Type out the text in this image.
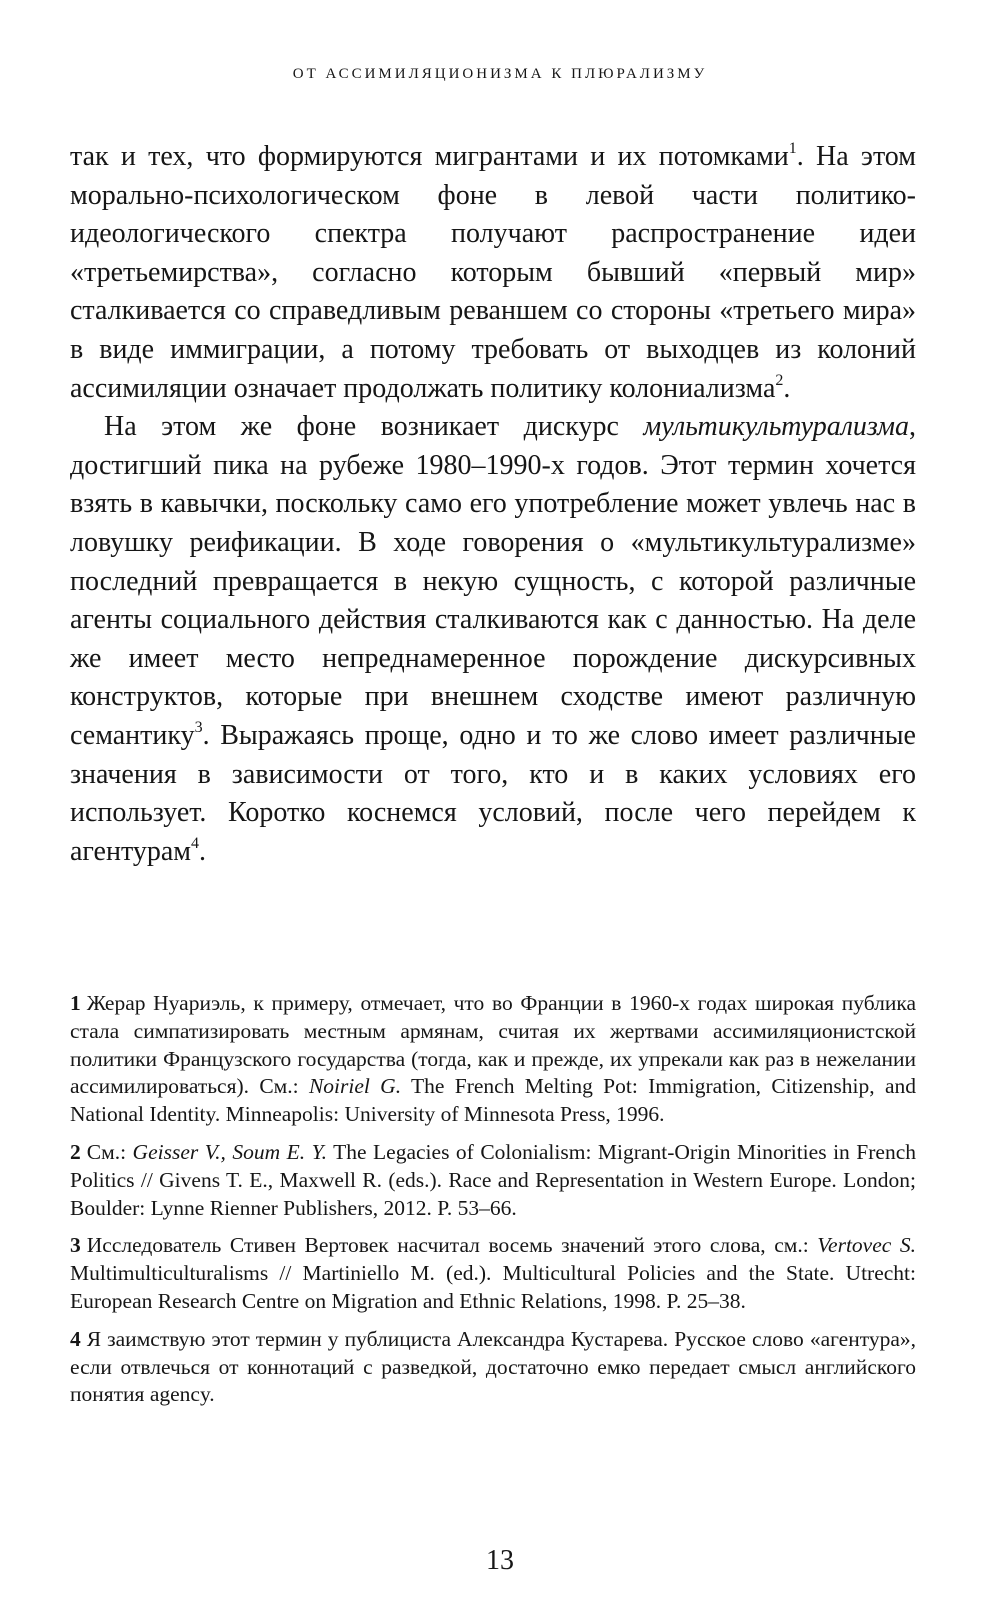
ОТ АССИМИЛЯЦИОНИЗМА К ПЛЮРАЛИЗМУ

так и тех, что формируются мигрантами и их потомками$^1$. На этом морально-психологическом фоне в левой части политико-идеологического спектра получают распространение идеи «третьемирства», согласно которым бывший «первый мир» сталкивается со справедливым реваншем со стороны «третьего мира» в виде иммиграции, а потому требовать от выходцев из колоний ассимиляции означает продолжать политику колониализма$^2$.

На этом же фоне возникает дискурс мультикультурализма, достигший пика на рубеже 1980–1990-х годов. Этот термин хочется взять в кавычки, поскольку само его употребление может увлечь нас в ловушку реификации. В ходе говорения о «мультикультурализме» последний превращается в некую сущность, с которой различные агенты социального действия сталкиваются как с данностью. На деле же имеет место непреднамеренное порождение дискурсивных конструктов, которые при внешнем сходстве имеют различную семантику$^3$. Выражаясь проще, одно и то же слово имеет различные значения в зависимости от того, кто и в каких условиях его использует. Коротко коснемся условий, после чего перейдем к агентурам$^4$.

1 Жерар Нуариэль, к примеру, отмечает, что во Франции в 1960-х годах широкая публика стала симпатизировать местным армянам, считая их жертвами ассимиляционистской политики Французского государства (тогда, как и прежде, их упрекали как раз в нежелании ассимилироваться). См.: Noiriel G. The French Melting Pot: Immigration, Citizenship, and National Identity. Minneapolis: University of Minnesota Press, 1996.

2 См.: Geisser V., Soum E. Y. The Legacies of Colonialism: Migrant-Origin Minorities in French Politics // Givens T. E., Maxwell R. (eds.). Race and Representation in Western Europe. London; Boulder: Lynne Rienner Publishers, 2012. P. 53–66.

3 Исследователь Стивен Вертовек насчитал восемь значений этого слова, см.: Vertovec S. Multimulticulturalisms // Martiniello M. (ed.). Multicultural Policies and the State. Utrecht: European Research Centre on Migration and Ethnic Relations, 1998. P. 25–38.

4 Я заимствую этот термин у публициста Александра Кустарева. Русское слово «агентура», если отвлечься от коннотаций с разведкой, достаточно емко передает смысл английского понятия agency.

13
